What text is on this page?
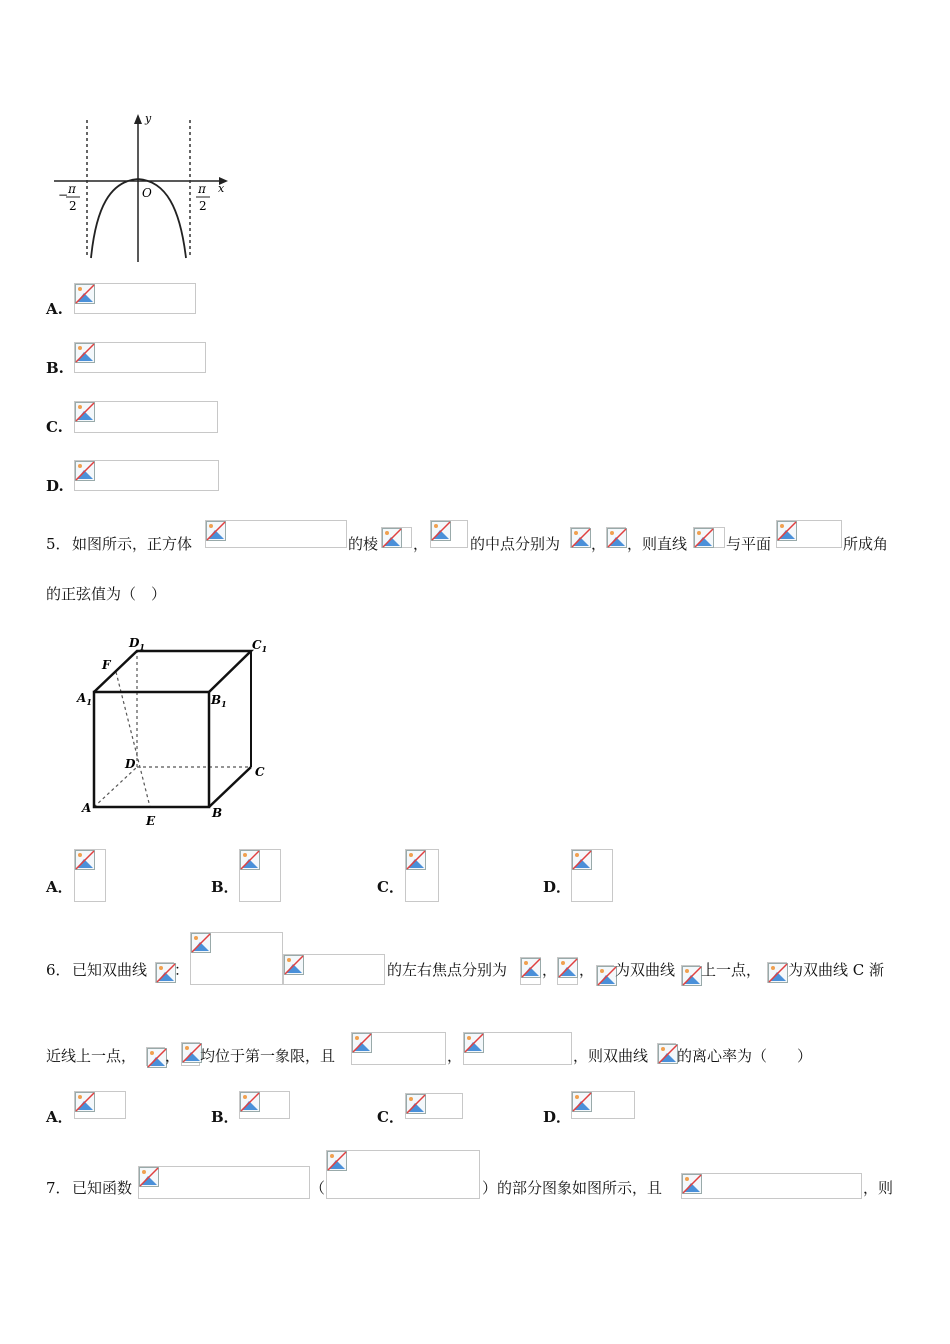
y
x
O
− π
2
π
2
A.
B.
C.
D.
5． 如图所示，正方体	的棱 ，	的中点分别为 ， ，则直线	与平面	所成角
的正弦值为（　）
$D_1$	$C_1$
F
$A_1$	$B_1$
D
C
A
E
B
A．	B．	C．	D．
6． 已知双曲线 ：	的左右焦点分别为 ， ， 为双曲线 上一点， 为双曲线 C 渐
近线上一点， ， 均位于第一象限，且	，	，则双曲线 的离心率为（　　）
A．	B．	C．	D．
7． 已知函数	（	）的部分图象如图所示，且	，则
